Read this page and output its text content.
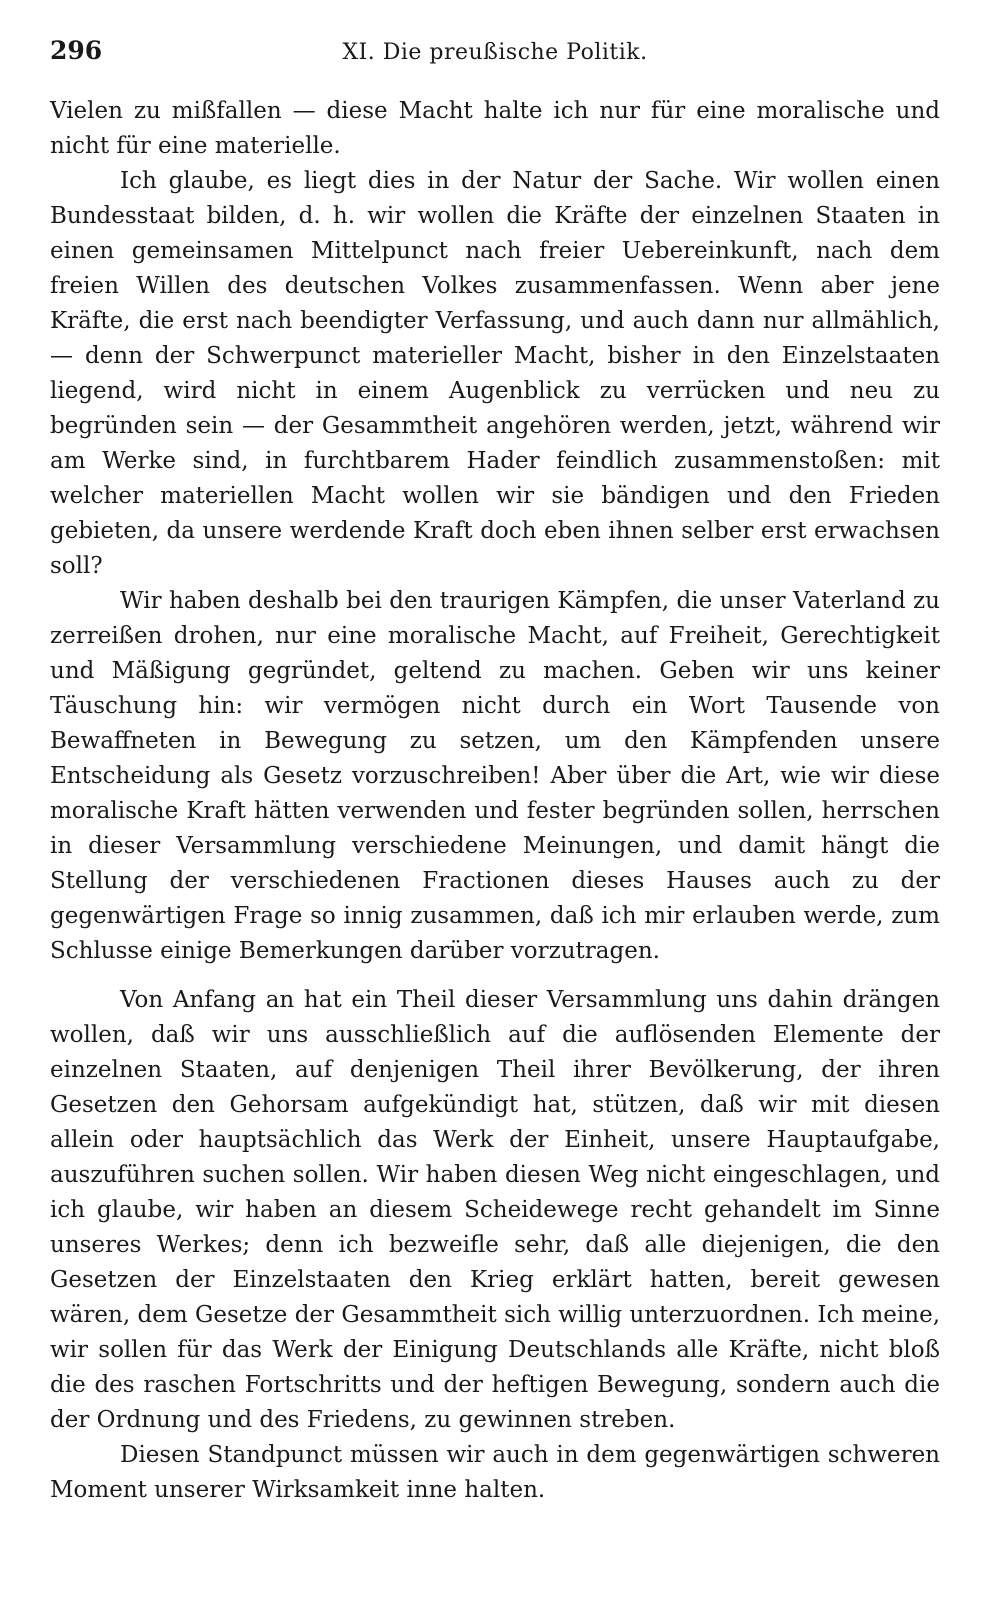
296	XI. Die preußische Politik.

Vielen zu mißfallen — diese Macht halte ich nur für eine moralische und nicht für eine materielle.

Ich glaube, es liegt dies in der Natur der Sache. Wir wollen einen Bundesstaat bilden, d. h. wir wollen die Kräfte der einzelnen Staaten in einen gemeinsamen Mittelpunct nach freier Uebereinkunft, nach dem freien Willen des deutschen Volkes zusammenfassen. Wenn aber jene Kräfte, die erst nach beendigter Verfassung, und auch dann nur allmählich, — denn der Schwerpunct materieller Macht, bisher in den Einzelstaaten liegend, wird nicht in einem Augenblick zu verrücken und neu zu begründen sein — der Gesammtheit angehören werden, jetzt, während wir am Werke sind, in furchtbarem Hader feindlich zusammenstoßen: mit welcher materiellen Macht wollen wir sie bändigen und den Frieden gebieten, da unsere werdende Kraft doch eben ihnen selber erst erwachsen soll?

Wir haben deshalb bei den traurigen Kämpfen, die unser Vaterland zu zerreißen drohen, nur eine moralische Macht, auf Freiheit, Gerechtigkeit und Mäßigung gegründet, geltend zu machen. Geben wir uns keiner Täuschung hin: wir vermögen nicht durch ein Wort Tausende von Bewaffneten in Bewegung zu setzen, um den Kämpfenden unsere Entscheidung als Gesetz vorzuschreiben! Aber über die Art, wie wir diese moralische Kraft hätten verwenden und fester begründen sollen, herrschen in dieser Versammlung verschiedene Meinungen, und damit hängt die Stellung der verschiedenen Fractionen dieses Hauses auch zu der gegenwärtigen Frage so innig zusammen, daß ich mir erlauben werde, zum Schlusse einige Bemerkungen darüber vorzutragen.

Von Anfang an hat ein Theil dieser Versammlung uns dahin drängen wollen, daß wir uns ausschließlich auf die auflösenden Elemente der einzelnen Staaten, auf denjenigen Theil ihrer Bevölkerung, der ihren Gesetzen den Gehorsam aufgekündigt hat, stützen, daß wir mit diesen allein oder hauptsächlich das Werk der Einheit, unsere Hauptaufgabe, auszuführen suchen sollen. Wir haben diesen Weg nicht eingeschlagen, und ich glaube, wir haben an diesem Scheidewege recht gehandelt im Sinne unseres Werkes; denn ich bezweifle sehr, daß alle diejenigen, die den Gesetzen der Einzelstaaten den Krieg erklärt hatten, bereit gewesen wären, dem Gesetze der Gesammtheit sich willig unterzuordnen. Ich meine, wir sollen für das Werk der Einigung Deutschlands alle Kräfte, nicht bloß die des raschen Fortschritts und der heftigen Bewegung, sondern auch die der Ordnung und des Friedens, zu gewinnen streben.

Diesen Standpunct müssen wir auch in dem gegenwärtigen schweren Moment unserer Wirksamkeit inne halten.
